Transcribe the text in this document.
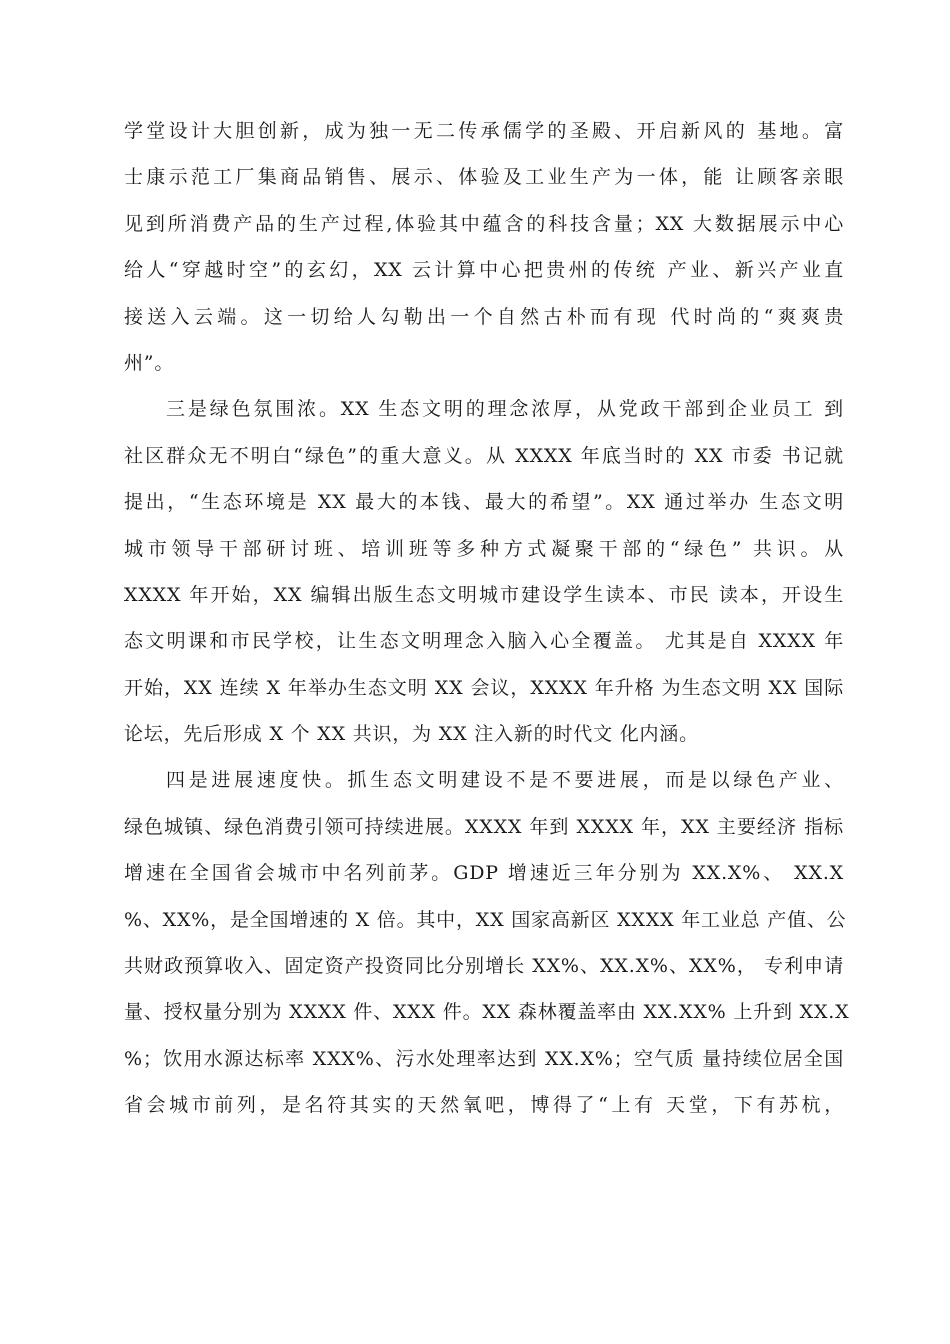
学堂设计大胆创新，成为独一无二传承儒学的圣殿、开启新风的 基地。富
士康示范工厂集商品销售、展示、体验及工业生产为一体，能 让顾客亲眼
见到所消费产品的生产过程,体验其中蕴含的科技含量；XX 大数据展示中心
给人“穿越时空”的玄幻，XX 云计算中心把贵州的传统 产业、新兴产业直
接送入云端。这一切给人勾勒出一个自然古朴而有现 代时尚的“爽爽贵
州”。
三是绿色氛围浓。XX 生态文明的理念浓厚，从党政干部到企业员工 到
社区群众无不明白“绿色”的重大意义。从 XXXX 年底当时的 XX 市委 书记就
提出，“生态环境是 XX 最大的本钱、最大的希望”。XX 通过举办 生态文明
城市领导干部研讨班、培训班等多种方式凝聚干部的“绿色” 共识。从
XXXX 年开始，XX 编辑出版生态文明城市建设学生读本、市民 读本，开设生
态文明课和市民学校，让生态文明理念入脑入心全覆盖。 尤其是自 XXXX 年
开始，XX 连续 X 年举办生态文明 XX 会议，XXXX 年升格 为生态文明 XX 国际
论坛，先后形成 X 个 XX 共识，为 XX 注入新的时代文 化内涵。
四是进展速度快。抓生态文明建设不是不要进展，而是以绿色产业、
绿色城镇、绿色消费引领可持续进展。XXXX 年到 XXXX 年，XX 主要经济 指标
增速在全国省会城市中名列前茅。GDP 增速近三年分别为 XX.X%、 XX.X
%、XX%，是全国增速的 X 倍。其中，XX 国家高新区 XXXX 年工业总 产值、公
共财政预算收入、固定资产投资同比分别增长 XX%、XX.X%、XX%， 专利申请
量、授权量分别为 XXXX 件、XXX 件。XX 森林覆盖率由 XX.XX% 上升到 XX.X
%；饮用水源达标率 XXX%、污水处理率达到 XX.X%；空气质 量持续位居全国
省会城市前列，是名符其实的天然氧吧，博得了“上有 天堂，下有苏杭，
